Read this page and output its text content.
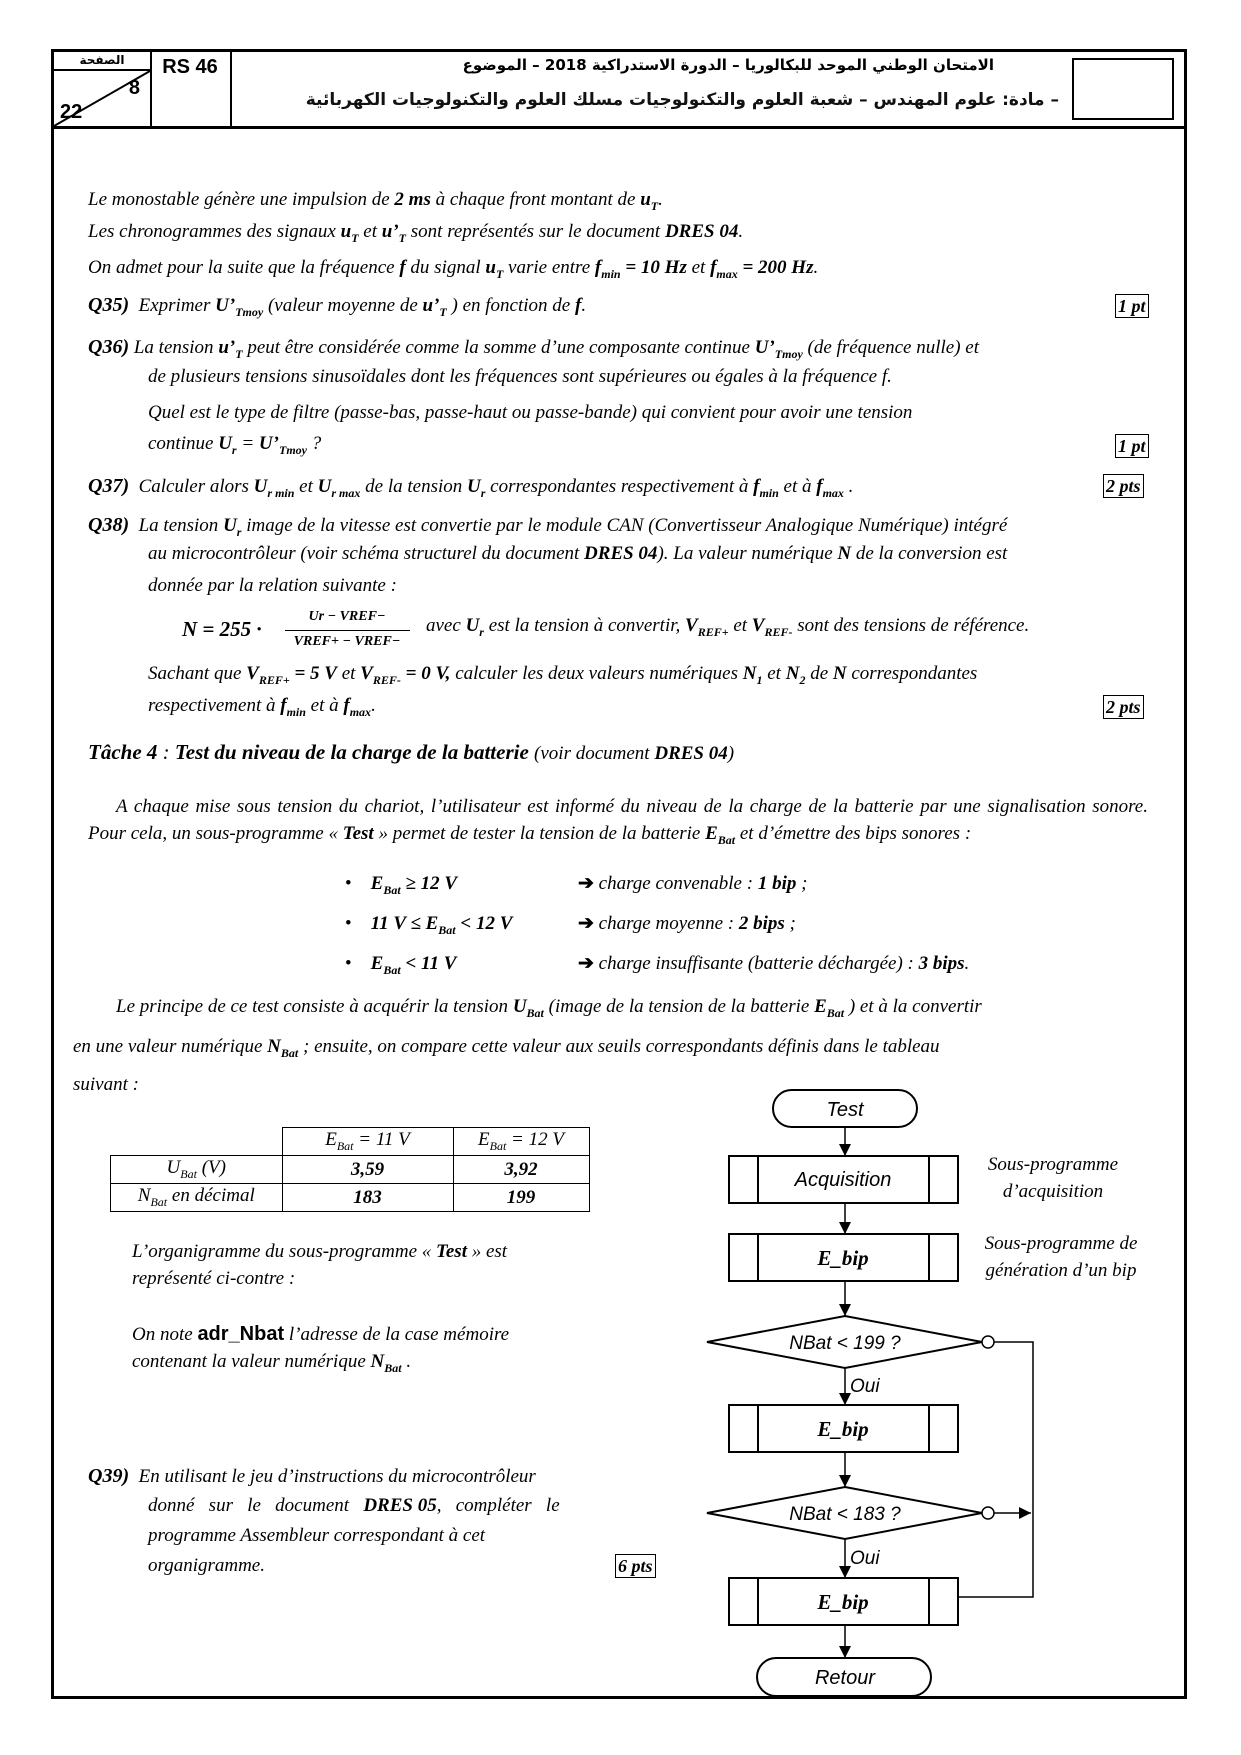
الصفحة
8
22
RS 46	الامتحان الوطني الموحد للبكالوريا – الدورة الاستدراكية 2018 – الموضوع
– مادة: علوم المهندس – شعبة العلوم والتكنولوجيات مسلك العلوم والتكنولوجيات الكهربائية
Le monostable génère une impulsion de 2 ms à chaque front montant de $u_T$.
Les chronogrammes des signaux $u_T$ et $u’_T$ sont représentés sur le document DRES 04.
On admet pour la suite que la fréquence f du signal $u_T$ varie entre $f_{min} = 10$ Hz et $f_{max} = 200$ Hz.
Q35)  Exprimer $U’_{Tmoy}$ (valeur moyenne de $u’_T$ ) en fonction de f.	1 pt
Q36) La tension $u’_T$ peut être considérée comme la somme d’une composante continue $U’_{Tmoy}$ (de fréquence nulle) et
de plusieurs tensions sinusoïdales dont les fréquences sont supérieures ou égales à la fréquence f.
Quel est le type de filtre (passe-bas, passe-haut ou passe-bande) qui convient pour avoir une tension
continue $U_r$ = $U’_{Tmoy}$ ?	1 pt
Q37)  Calculer alors $U_{r min}$ et $U_{r max}$ de la tension $U_r$ correspondantes respectivement à $f_{min}$ et à $f_{max}$ .	2 pts
Q38)  La tension $U_r$ image de la vitesse est convertie par le module CAN (Convertisseur Analogique Numérique) intégré
au microcontrôleur (voir schéma structurel du document DRES 04). La valeur numérique N de la conversion est
donnée par la relation suivante :
N = 255 ·
Ur − VREF−
VREF+ − VREF−
avec $U_r$ est la tension à convertir, $V_{REF+}$ et $V_{REF-}$ sont des tensions de référence.
Sachant que $V_{REF+} = 5$ V et $V_{REF-} = 0$ V, calculer les deux valeurs numériques $N_1$ et $N_2$ de N correspondantes
respectivement à $f_{min}$ et à $f_{max}$.	2 pts
Tâche 4 : Test du niveau de la charge de la batterie (voir document DRES 04)
A chaque mise sous tension du chariot, l’utilisateur est informé du niveau de la charge de la batterie par une signalisation sonore. Pour cela, un sous-programme « Test » permet de tester la tension de la batterie $E_{Bat}$ et d’émettre des bips sonores :
• $E_{Bat} \ge 12$ V	➔ charge convenable : 1 bip ;
• 11 $V \le E_{Bat} < 12$ V	➔ charge moyenne : 2 bips ;
• $E_{Bat} < 11$ V	➔ charge insuffisante (batterie déchargée) : 3 bips.
Le principe de ce test consiste à acquérir la tension $U_{Bat}$ (image de la tension de la batterie $E_{Bat}$ ) et à la convertir
en une valeur numérique $N_{Bat}$ ; ensuite, on compare cette valeur aux seuils correspondants définis dans le tableau
suivant :
	$E_{Bat} = 11$ V	$E_{Bat} = 12$ V
$U_{Bat}$ (V)	3,59	3,92
$N_{Bat}$ en décimal	183	199
L’organigramme du sous-programme « Test » est
représenté ci-contre :
On note adr_Nbat l’adresse de la case mémoire
contenant la valeur numérique $N_{Bat}$ .
Q39)  En utilisant le jeu d’instructions du microcontrôleur
donné   sur   le   document   DRES 05,   compléter   le
programme Assembleur correspondant à cet
organigramme.	6 pts
Test
Acquisition
Sous-programme
d’acquisition
E_bip
Sous-programme de
génération d’un bip
NBat < 199 ?
Oui
E_bip
NBat < 183 ?
Oui
E_bip
Retour
